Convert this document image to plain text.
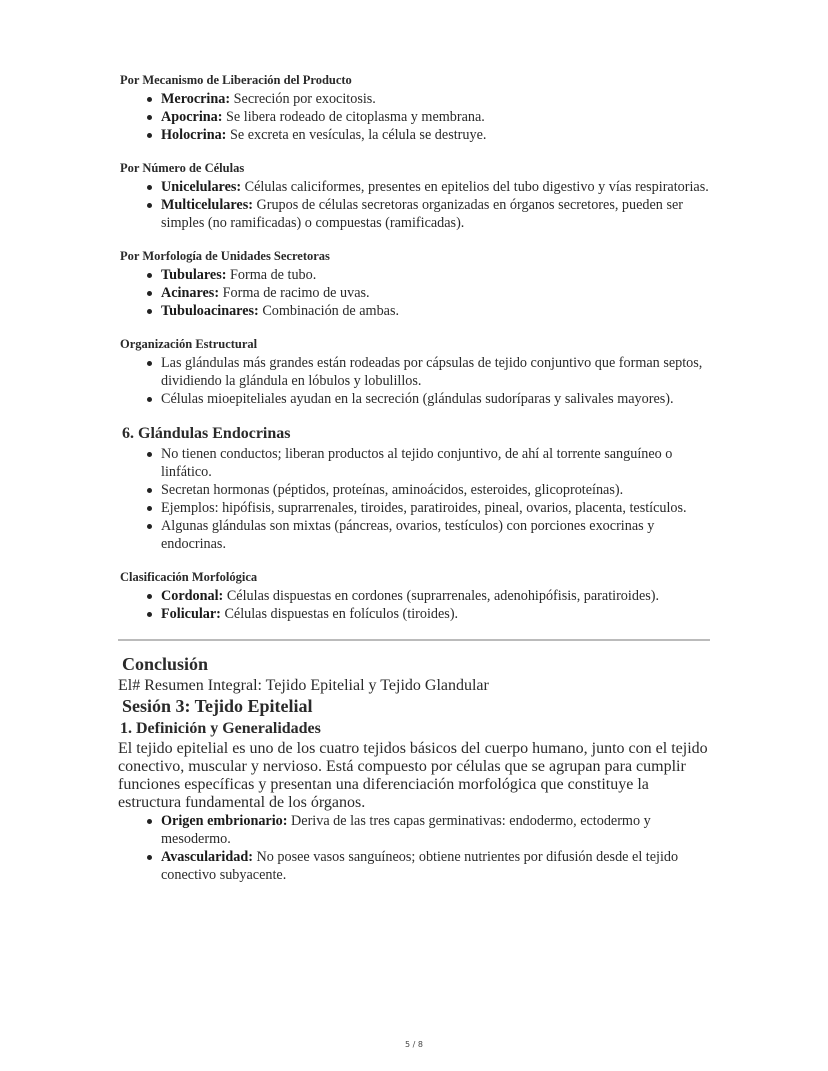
Por Mecanismo de Liberación del Producto
Merocrina: Secreción por exocitosis.
Apocrina: Se libera rodeado de citoplasma y membrana.
Holocrina: Se excreta en vesículas, la célula se destruye.
Por Número de Células
Unicelulares: Células caliciformes, presentes en epitelios del tubo digestivo y vías respiratorias.
Multicelulares: Grupos de células secretoras organizadas en órganos secretores, pueden ser simples (no ramificadas) o compuestas (ramificadas).
Por Morfología de Unidades Secretoras
Tubulares: Forma de tubo.
Acinares: Forma de racimo de uvas.
Tubuloacinares: Combinación de ambas.
Organización Estructural
Las glándulas más grandes están rodeadas por cápsulas de tejido conjuntivo que forman septos, dividiendo la glándula en lóbulos y lobulillos.
Células mioepiteliales ayudan en la secreción (glándulas sudoríparas y salivales mayores).
6. Glándulas Endocrinas
No tienen conductos; liberan productos al tejido conjuntivo, de ahí al torrente sanguíneo o linfático.
Secretan hormonas (péptidos, proteínas, aminoácidos, esteroides, glicoproteínas).
Ejemplos: hipófisis, suprarrenales, tiroides, paratiroides, pineal, ovarios, placenta, testículos.
Algunas glándulas son mixtas (páncreas, ovarios, testículos) con porciones exocrinas y endocrinas.
Clasificación Morfológica
Cordonal: Células dispuestas en cordones (suprarrenales, adenohipófisis, paratiroides).
Folicular: Células dispuestas en folículos (tiroides).
Conclusión
El# Resumen Integral: Tejido Epitelial y Tejido Glandular
Sesión 3: Tejido Epitelial
1. Definición y Generalidades
El tejido epitelial es uno de los cuatro tejidos básicos del cuerpo humano, junto con el tejido conectivo, muscular y nervioso. Está compuesto por células que se agrupan para cumplir funciones específicas y presentan una diferenciación morfológica que constituye la estructura fundamental de los órganos.
Origen embrionario: Deriva de las tres capas germinativas: endodermo, ectodermo y mesodermo.
Avascularidad: No posee vasos sanguíneos; obtiene nutrientes por difusión desde el tejido conectivo subyacente.
5 / 8
